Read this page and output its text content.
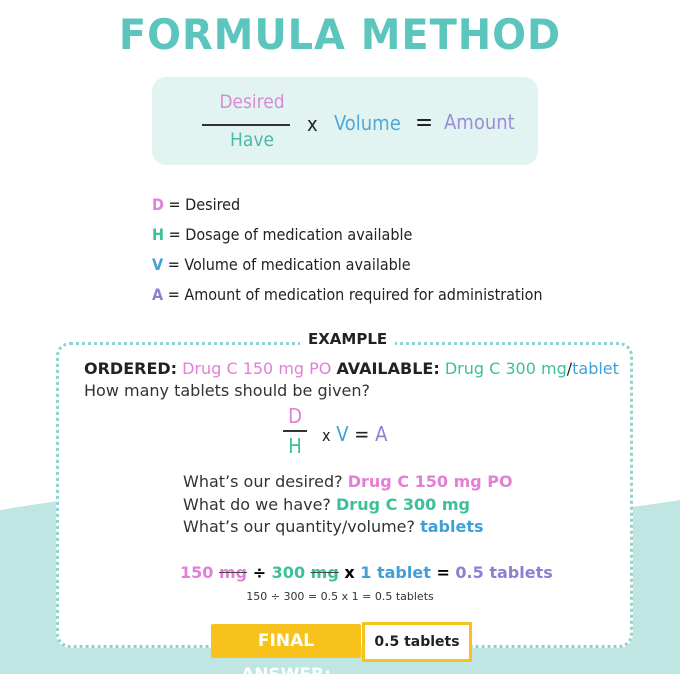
FORMULA METHOD
Desired
Have
x Volume = Amount
D = Desired
H = Dosage of medication available
V = Volume of medication available
A = Amount of medication required for administration
EXAMPLE
ORDERED: Drug C 150 mg PO AVAILABLE: Drug C 300 mg/tablet
How many tablets should be given?
D
H	x V = A
What’s our desired? Drug C 150 mg PO
What do we have? Drug C 300 mg
What’s our quantity/volume? tablets
150 mg ÷ 300 mg x 1 tablet = 0.5 tablets
150 ÷ 300 = 0.5 x 1 = 0.5 tablets
FINAL ANSWER:
0.5 tablets
